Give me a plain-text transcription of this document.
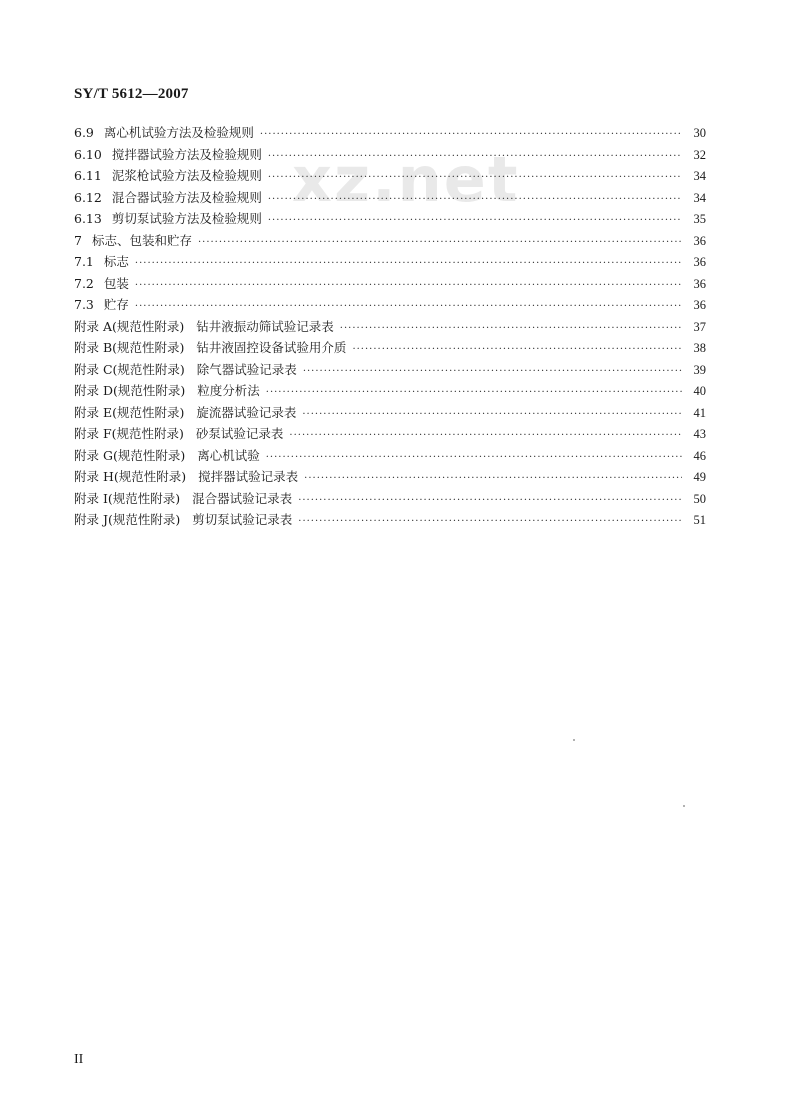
xz.net
SY/T 5612—2007
6.9 离心机试验方法及检验规则 ·····	30
6.10 搅拌器试验方法及检验规则 ·····	32
6.11 泥浆枪试验方法及检验规则 ·····	34
6.12 混合器试验方法及检验规则 ·····	34
6.13 剪切泵试验方法及检验规则 ·····	35
7 标志、包装和贮存 ·····	36
7.1 标志 ·····	36
7.2 包装 ·····	36
7.3 贮存 ·····	36
附录 A(规范性附录) 钻井液振动筛试验记录表 ·····	37
附录 B(规范性附录) 钻井液固控设备试验用介质 ·····	38
附录 C(规范性附录) 除气器试验记录表 ·····	39
附录 D(规范性附录) 粒度分析法 ·····	40
附录 E(规范性附录) 旋流器试验记录表 ·····	41
附录 F(规范性附录) 砂泵试验记录表 ·····	43
附录 G(规范性附录) 离心机试验 ·····	46
附录 H(规范性附录) 搅拌器试验记录表 ·····	49
附录 I(规范性附录) 混合器试验记录表 ·····	50
附录 J(规范性附录) 剪切泵试验记录表 ·····	51
II
